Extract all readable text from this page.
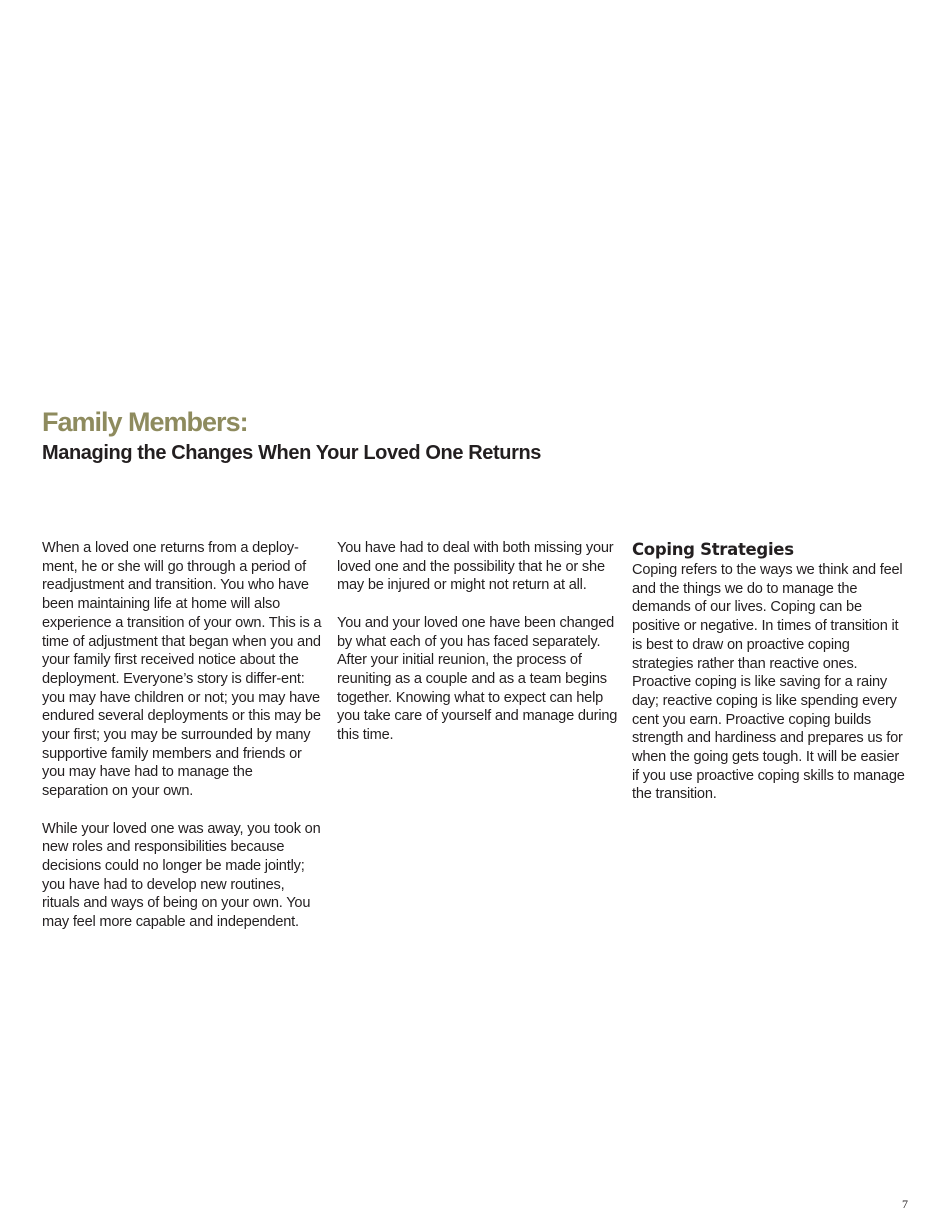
Family Members:
Managing the Changes When Your Loved One Returns

When a loved one returns from a deploy-ment, he or she will go through a period of readjustment and transition. You who have been maintaining life at home will also experience a transition of your own. This is a time of adjustment that began when you and your family first received notice about the deployment. Everyone’s story is differ-ent: you may have children or not; you may have endured several deployments or this may be your first; you may be surrounded by many supportive family members and friends or you may have had to manage the separation on your own.

While your loved one was away, you took on new roles and responsibilities because decisions could no longer be made jointly; you have had to develop new routines, rituals and ways of being on your own. You may feel more capable and independent.

You have had to deal with both missing your loved one and the possibility that he or she may be injured or might not return at all.

You and your loved one have been changed by what each of you has faced separately. After your initial reunion, the process of reuniting as a couple and as a team begins together. Knowing what to expect can help you take care of yourself and manage during this time.

Coping Strategies

Coping refers to the ways we think and feel and the things we do to manage the demands of our lives. Coping can be positive or negative. In times of transition it is best to draw on proactive coping strategies rather than reactive ones. Proactive coping is like saving for a rainy day; reactive coping is like spending every cent you earn. Proactive coping builds strength and hardiness and prepares us for when the going gets tough. It will be easier if you use proactive coping skills to manage the transition.

7
